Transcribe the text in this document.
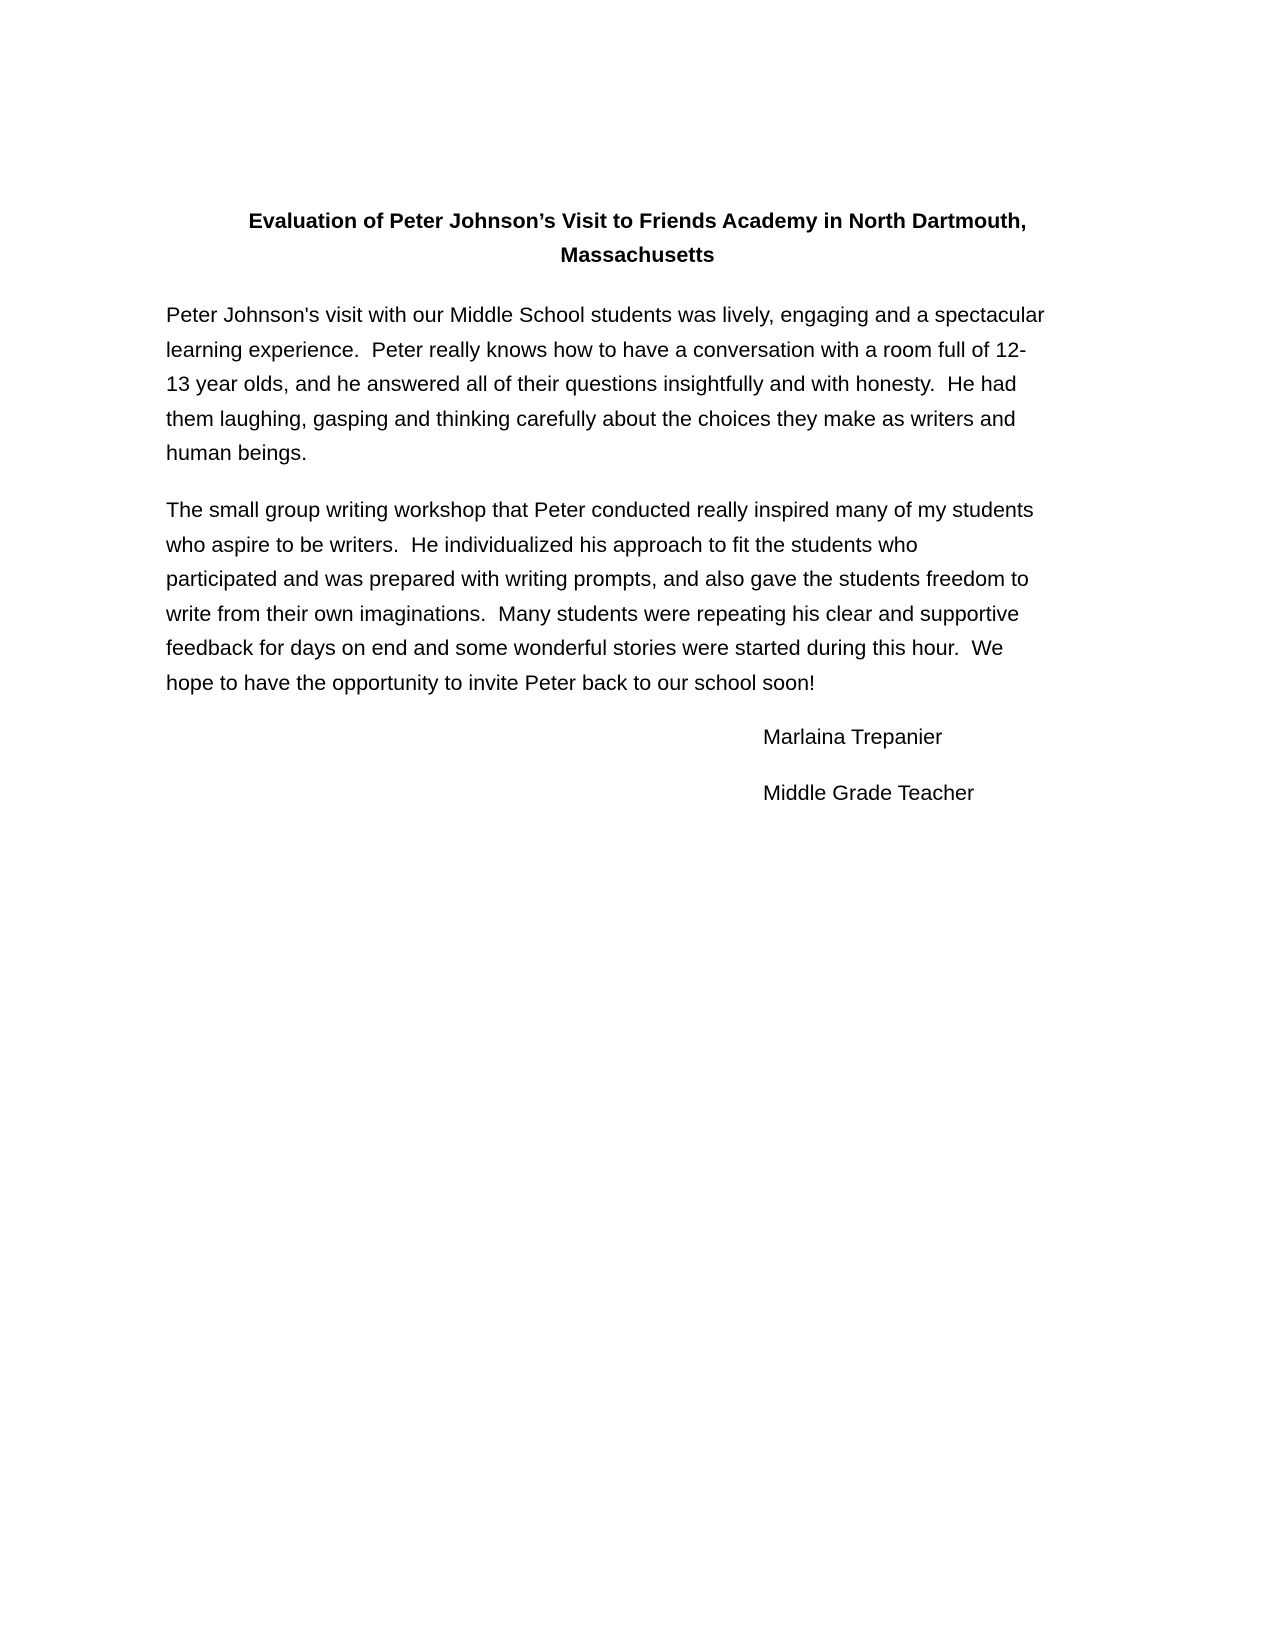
Evaluation of Peter Johnson’s Visit to Friends Academy in North Dartmouth,
Massachusetts
Peter Johnson's visit with our Middle School students was lively, engaging and a spectacular
learning experience.  Peter really knows how to have a conversation with a room full of 12-
13 year olds, and he answered all of their questions insightfully and with honesty.  He had
them laughing, gasping and thinking carefully about the choices they make as writers and
human beings.
The small group writing workshop that Peter conducted really inspired many of my students
who aspire to be writers.  He individualized his approach to fit the students who
participated and was prepared with writing prompts, and also gave the students freedom to
write from their own imaginations.  Many students were repeating his clear and supportive
feedback for days on end and some wonderful stories were started during this hour.  We
hope to have the opportunity to invite Peter back to our school soon!
Marlaina Trepanier
Middle Grade Teacher
